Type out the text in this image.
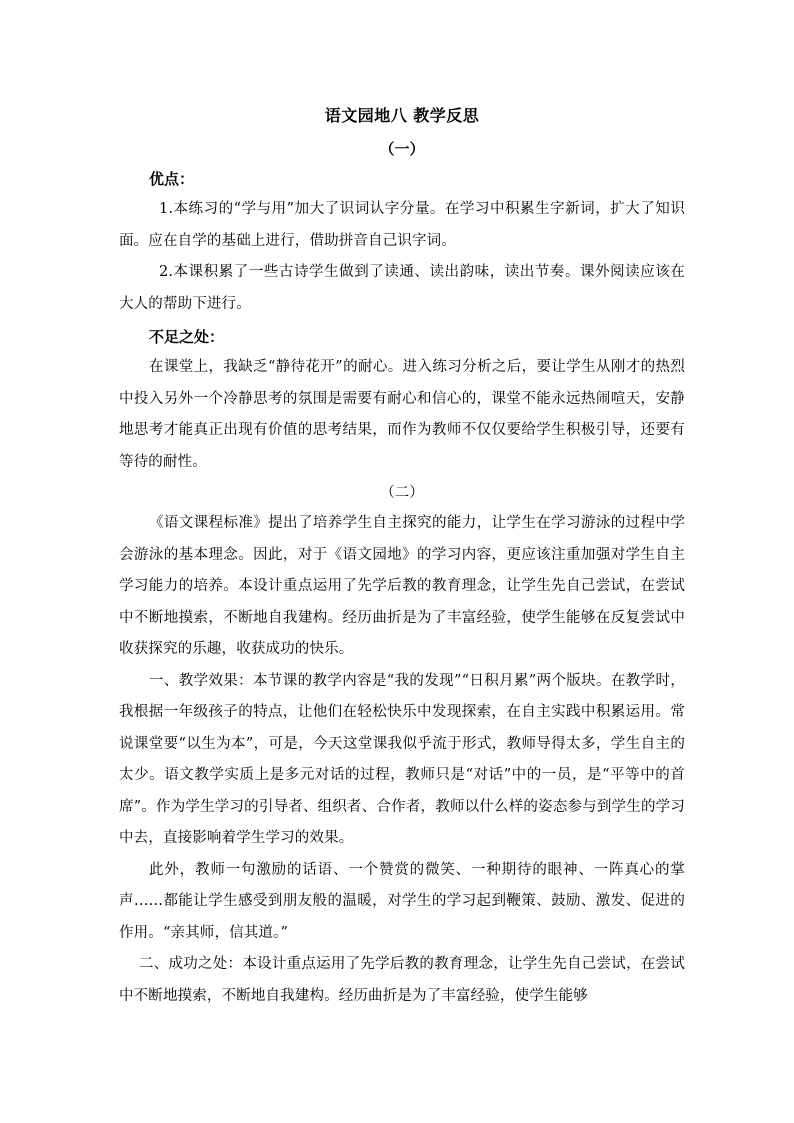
语文园地八 教学反思
（一）
优点：

1.本练习的“学与用”加大了识词认字分量。在学习中积累生字新词，扩大了知识面。应在自学的基础上进行，借助拼音自己识字词。

2.本课积累了一些古诗学生做到了读通、读出韵味，读出节奏。课外阅读应该在大人的帮助下进行。

不足之处：

在课堂上，我缺乏“静待花开”的耐心。进入练习分析之后，要让学生从刚才的热烈中投入另外一个冷静思考的氛围是需要有耐心和信心的，课堂不能永远热闹喧天，安静地思考才能真正出现有价值的思考结果，而作为教师不仅仅要给学生积极引导，还要有等待的耐性。

（二）

《语文课程标准》提出了培养学生自主探究的能力，让学生在学习游泳的过程中学会游泳的基本理念。因此，对于《语文园地》的学习内容，更应该注重加强对学生自主学习能力的培养。本设计重点运用了先学后教的教育理念，让学生先自己尝试，在尝试中不断地摸索，不断地自我建构。经历曲折是为了丰富经验，使学生能够在反复尝试中收获探究的乐趣，收获成功的快乐。

一、教学效果：本节课的教学内容是“我的发现”“日积月累”两个版块。在教学时，我根据一年级孩子的特点，让他们在轻松快乐中发现探索，在自主实践中积累运用。常说课堂要“以生为本”，可是，今天这堂课我似乎流于形式，教师导得太多，学生自主的太少。语文教学实质上是多元对话的过程，教师只是“对话”中的一员，是“平等中的首席”。作为学生学习的引导者、组织者、合作者，教师以什么样的姿态参与到学生的学习中去，直接影响着学生学习的效果。

此外，教师一句激励的话语、一个赞赏的微笑、一种期待的眼神、一阵真心的掌声……都能让学生感受到朋友般的温暖，对学生的学习起到鞭策、鼓励、激发、促进的作用。“亲其师，信其道。”

二、成功之处：本设计重点运用了先学后教的教育理念，让学生先自己尝试，在尝试中不断地摸索，不断地自我建构。经历曲折是为了丰富经验，使学生能够
